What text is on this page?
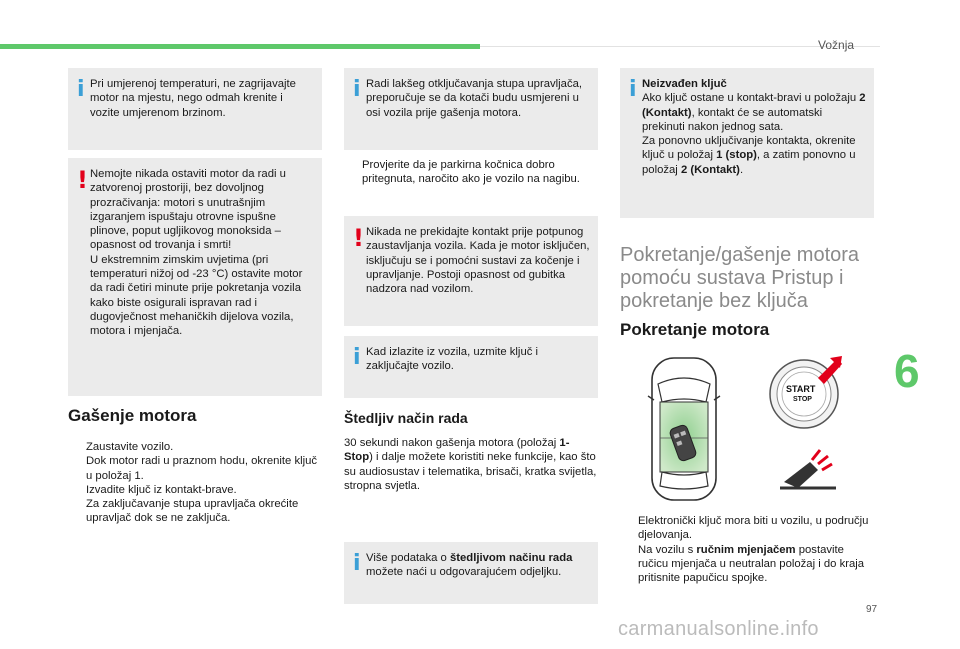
Vožnja
i Pri umjerenoj temperaturi, ne zagrijavajte motor na mjestu, nego odmah krenite i vozite umjerenom brzinom.
! Nemojte nikada ostaviti motor da radi u zatvorenoj prostoriji, bez dovoljnog prozračivanja: motori s unutrašnjim izgaranjem ispuštaju otrovne ispušne plinove, poput ugljikovog monoksida – opasnost od trovanja i smrti!
U ekstremnim zimskim uvjetima (pri temperaturi nižoj od -23 °C) ostavite motor da radi četiri minute prije pokretanja vozila kako biste osigurali ispravan rad i dugovječnost mehaničkih dijelova vozila, motora i mjenjača.
Gašenje motora
Zaustavite vozilo.
Dok motor radi u praznom hodu, okrenite ključ u položaj 1.
Izvadite ključ iz kontakt-brave.
Za zaključavanje stupa upravljača okrećite upravljač dok se ne zaključa.
i Radi lakšeg otključavanja stupa upravljača, preporučuje se da kotači budu usmjereni u osi vozila prije gašenja motora.
Provjerite da je parkirna kočnica dobro pritegnuta, naročito ako je vozilo na nagibu.
! Nikada ne prekidajte kontakt prije potpunog zaustavljanja vozila. Kada je motor isključen, isključuju se i pomoćni sustavi za kočenje i upravljanje. Postoji opasnost od gubitka nadzora nad vozilom.
i Kad izlazite iz vozila, uzmite ključ i zaključajte vozilo.
Štedljiv način rada
30 sekundi nakon gašenja motora (položaj 1-Stop) i dalje možete koristiti neke funkcije, kao što su audiosustav i telematika, brisači, kratka svijetla, stropna svjetla.
i Više podataka o štedljivom načinu rada možete naći u odgovarajućem odjeljku.
i Neizvađen ključ
Ako ključ ostane u kontakt-bravi u položaju 2 (Kontakt), kontakt će se automatski prekinuti nakon jednog sata.
Za ponovno uključivanje kontakta, okrenite ključ u položaj 1 (stop), a zatim ponovno u položaj 2 (Kontakt).
Pokretanje/gašenje motora pomoću sustava Pristup i pokretanje bez ključa
Pokretanje motora
START
STOP
Elektronički ključ mora biti u vozilu, u području djelovanja.
Na vozilu s ručnim mjenjačem postavite ručicu mjenjača u neutralan položaj i do kraja pritisnite papučicu spojke.
6
97
carmanualsonline.info
